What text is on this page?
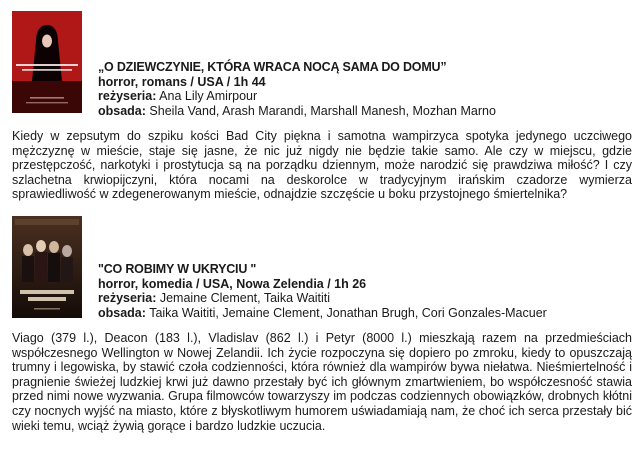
„O DZIEWCZYNIE, KTÓRA WRACA NOCĄ SAMA DO DOMU”
horror, romans / USA / 1h 44
reżyseria: Ana Lily Amirpour
obsada: Sheila Vand, Arash Marandi, Marshall Manesh, Mozhan Marno

Kiedy w zepsutym do szpiku kości Bad City piękna i samotna wampirzyca spotyka jedynego uczciwego mężczyznę w mieście, staje się jasne, że nic już nigdy nie będzie takie samo. Ale czy w miejscu, gdzie przestępczość, narkotyki i prostytucja są na porządku dziennym, może narodzić się prawdziwa miłość? I czy szlachetna krwiopijczyni, która nocami na deskorolce w tradycyjnym irańskim czadorze wymierza sprawiedliwość w zdegenerowanym mieście, odnajdzie szczęście u boku przystojnego śmiertelnika?

"CO ROBIMY W UKRYCIU "
horror, komedia / USA, Nowa Zelendia / 1h 26
reżyseria: Jemaine Clement, Taika Waititi
obsada: Taika Waititi, Jemaine Clement, Jonathan Brugh, Cori Gonzales-Macuer

Viago (379 l.), Deacon (183 l.), Vladislav (862 l.) i Petyr (8000 l.) mieszkają razem na przedmieściach współczesnego Wellington w Nowej Zelandii. Ich życie rozpoczyna się dopiero po zmroku, kiedy to opuszczają trumny i legowiska, by stawić czoła codzienności, która również dla wampirów bywa niełatwa. Nieśmiertelność i pragnienie świeżej ludzkiej krwi już dawno przestały być ich głównym zmartwieniem, bo współczesność stawia przed nimi nowe wyzwania. Grupa filmowców towarzyszy im podczas codziennych obowiązków, drobnych kłótni czy nocnych wyjść na miasto, które z błyskotliwym humorem uświadamiają nam, że choć ich serca przestały bić wieki temu, wciąż żywią gorące i bardzo ludzkie uczucia.
